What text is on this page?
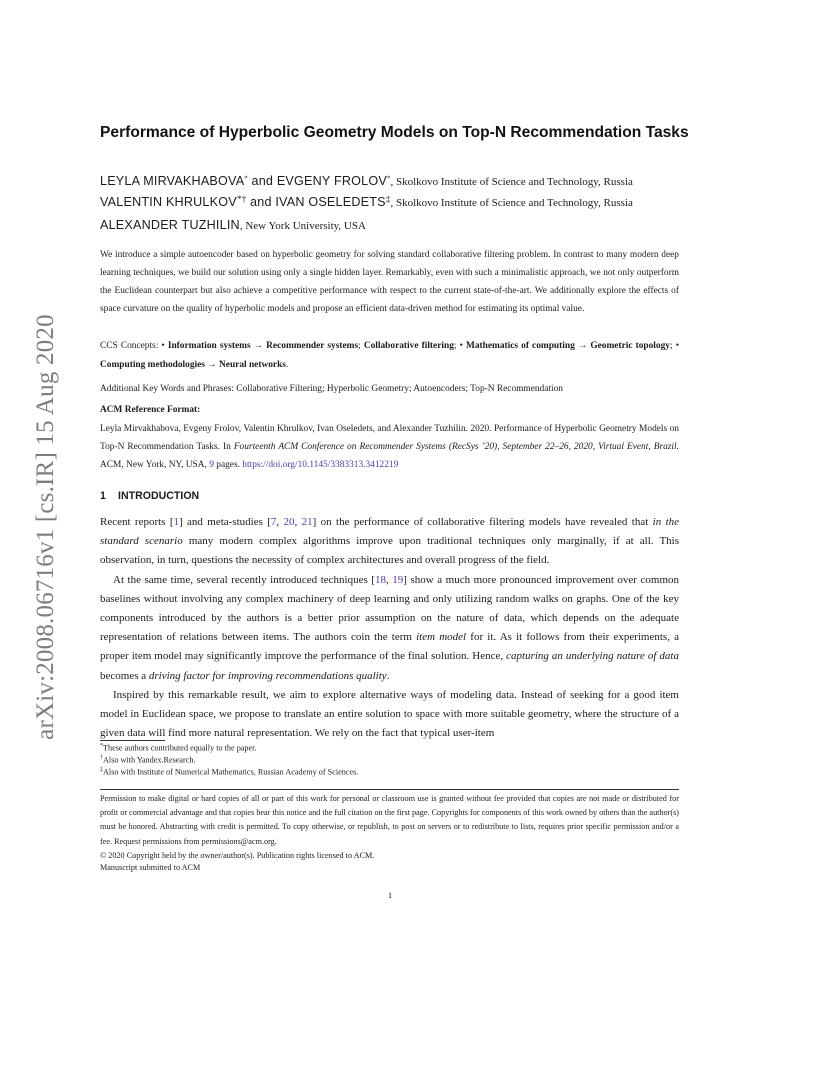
arXiv:2008.06716v1 [cs.IR] 15 Aug 2020
Performance of Hyperbolic Geometry Models on Top-N Recommendation Tasks
LEYLA MIRVAKHABOVA* and EVGENY FROLOV*, Skolkovo Institute of Science and Technology, Russia
VALENTIN KHRULKOV*† and IVAN OSELEDETS‡, Skolkovo Institute of Science and Technology, Russia
ALEXANDER TUZHILIN, New York University, USA
We introduce a simple autoencoder based on hyperbolic geometry for solving standard collaborative filtering problem. In contrast to many modern deep learning techniques, we build our solution using only a single hidden layer. Remarkably, even with such a minimalistic approach, we not only outperform the Euclidean counterpart but also achieve a competitive performance with respect to the current state-of-the-art. We additionally explore the effects of space curvature on the quality of hyperbolic models and propose an efficient data-driven method for estimating its optimal value.
CCS Concepts: • Information systems → Recommender systems; Collaborative filtering; • Mathematics of computing → Geometric topology; • Computing methodologies → Neural networks.
Additional Key Words and Phrases: Collaborative Filtering; Hyperbolic Geometry; Autoencoders; Top-N Recommendation
ACM Reference Format:
Leyla Mirvakhabova, Evgeny Frolov, Valentin Khrulkov, Ivan Oseledets, and Alexander Tuzhilin. 2020. Performance of Hyperbolic Geometry Models on Top-N Recommendation Tasks. In Fourteenth ACM Conference on Recommender Systems (RecSys ’20), September 22–26, 2020, Virtual Event, Brazil. ACM, New York, NY, USA, 9 pages. https://doi.org/10.1145/3383313.3412219
1 INTRODUCTION

Recent reports [1] and meta-studies [7, 20, 21] on the performance of collaborative filtering models have revealed that in the standard scenario many modern complex algorithms improve upon traditional techniques only marginally, if at all. This observation, in turn, questions the necessity of complex architectures and overall progress of the field.

At the same time, several recently introduced techniques [18, 19] show a much more pronounced improvement over common baselines without involving any complex machinery of deep learning and only utilizing random walks on graphs. One of the key components introduced by the authors is a better prior assumption on the nature of data, which depends on the adequate representation of relations between items. The authors coin the term item model for it. As it follows from their experiments, a proper item model may significantly improve the performance of the final solution. Hence, capturing an underlying nature of data becomes a driving factor for improving recommendations quality.

Inspired by this remarkable result, we aim to explore alternative ways of modeling data. Instead of seeking for a good item model in Euclidean space, we propose to translate an entire solution to space with more suitable geometry, where the structure of a given data will find more natural representation. We rely on the fact that typical user-item

*These authors contributed equally to the paper.
†Also with Yandex.Research.
‡Also with Institute of Numerical Mathematics, Russian Academy of Sciences.
Permission to make digital or hard copies of all or part of this work for personal or classroom use is granted without fee provided that copies are not made or distributed for profit or commercial advantage and that copies bear this notice and the full citation on the first page. Copyrights for components of this work owned by others than the author(s) must be honored. Abstracting with credit is permitted. To copy otherwise, or republish, to post on servers or to redistribute to lists, requires prior specific permission and/or a fee. Request permissions from permissions@acm.org.
© 2020 Copyright held by the owner/author(s). Publication rights licensed to ACM.
Manuscript submitted to ACM
1
